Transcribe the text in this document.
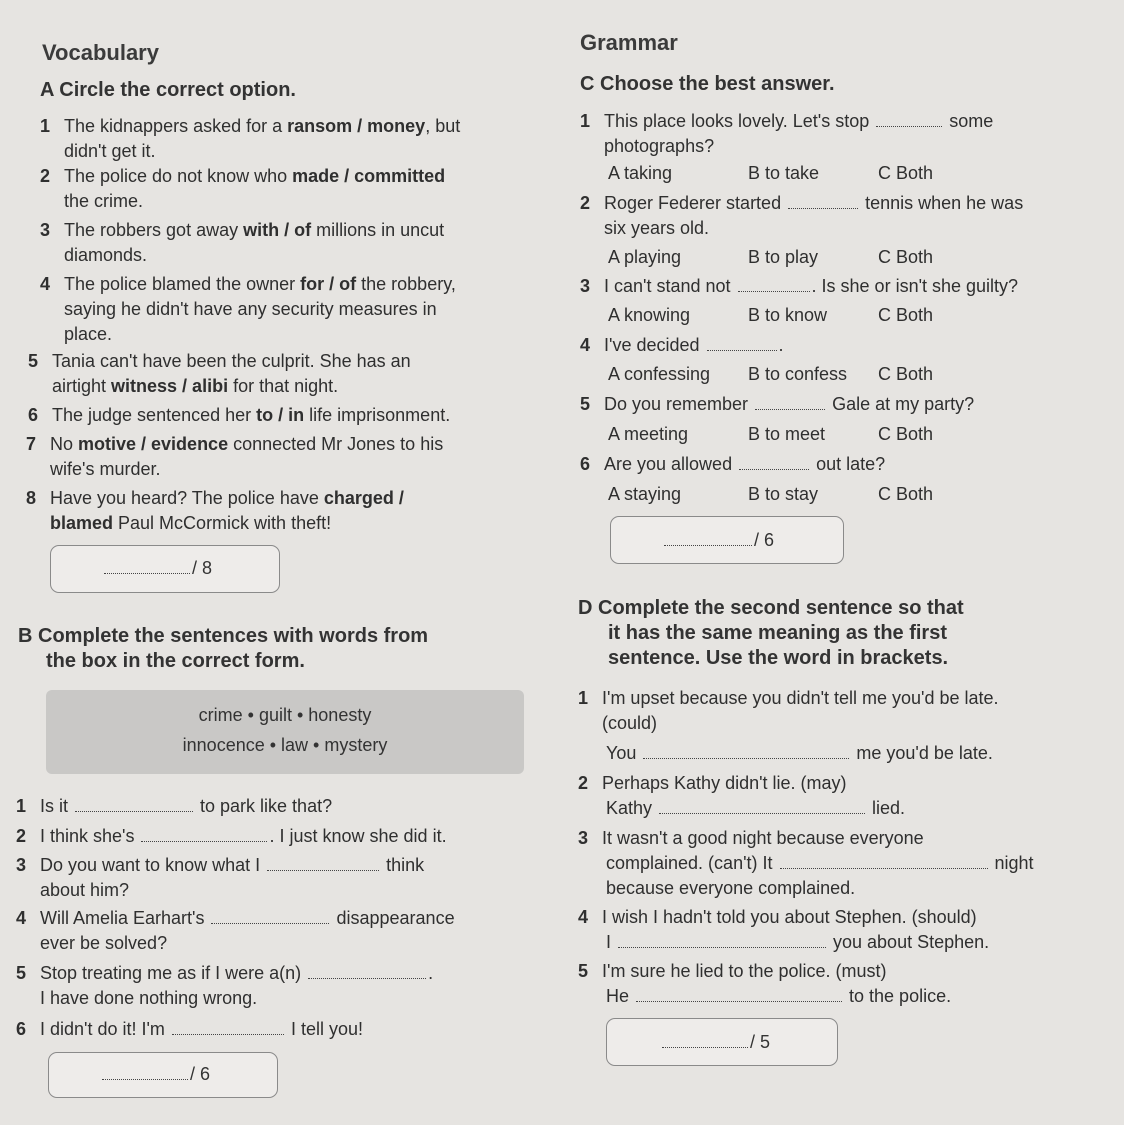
Vocabulary
A Circle the correct option.
1 The kidnappers asked for a ransom / money, but
didn't get it.
2 The police do not know who made / committed
the crime.
3 The robbers got away with / of millions in uncut
diamonds.
4 The police blamed the owner for / of the robbery,
saying he didn't have any security measures in
place.
5 Tania can't have been the culprit. She has an
airtight witness / alibi for that night.
6 The judge sentenced her to / in life imprisonment.
7 No motive / evidence connected Mr Jones to his
wife's murder.
8 Have you heard? The police have charged /
blamed Paul McCormick with theft!
/ 8
B Complete the sentences with words from
the box in the correct form.
crime • guilt • honesty
innocence • law • mystery
1 Is it	to park like that?
2 I think she's	. I just know she did it.
3 Do you want to know what I	think
about him?
4 Will Amelia Earhart's	disappearance
ever be solved?
5 Stop treating me as if I were a(n)	.
I have done nothing wrong.
6 I didn't do it! I'm	I tell you!
/ 6
Grammar
C Choose the best answer.
1 This place looks lovely. Let's stop	some
photographs?
A taking	B to take	C Both
2 Roger Federer started	tennis when he was
six years old.
A playing	B to play	C Both
3 I can't stand not	. Is she or isn't she guilty?
A knowing	B to know	C Both
4 I've decided	.
A confessing B to confess C Both
5 Do you remember	Gale at my party?
A meeting	B to meet	C Both
6 Are you allowed	out late?
A staying	B to stay	C Both
/ 6
D Complete the second sentence so that
it has the same meaning as the first
sentence. Use the word in brackets.
1 I'm upset because you didn't tell me you'd be late.
(could)
You	me you'd be late.
2 Perhaps Kathy didn't lie. (may)
Kathy	lied.
3 It wasn't a good night because everyone
complained. (can't) It	night
because everyone complained.
4 I wish I hadn't told you about Stephen. (should)
I	you about Stephen.
5 I'm sure he lied to the police. (must)
He	to the police.
/ 5
